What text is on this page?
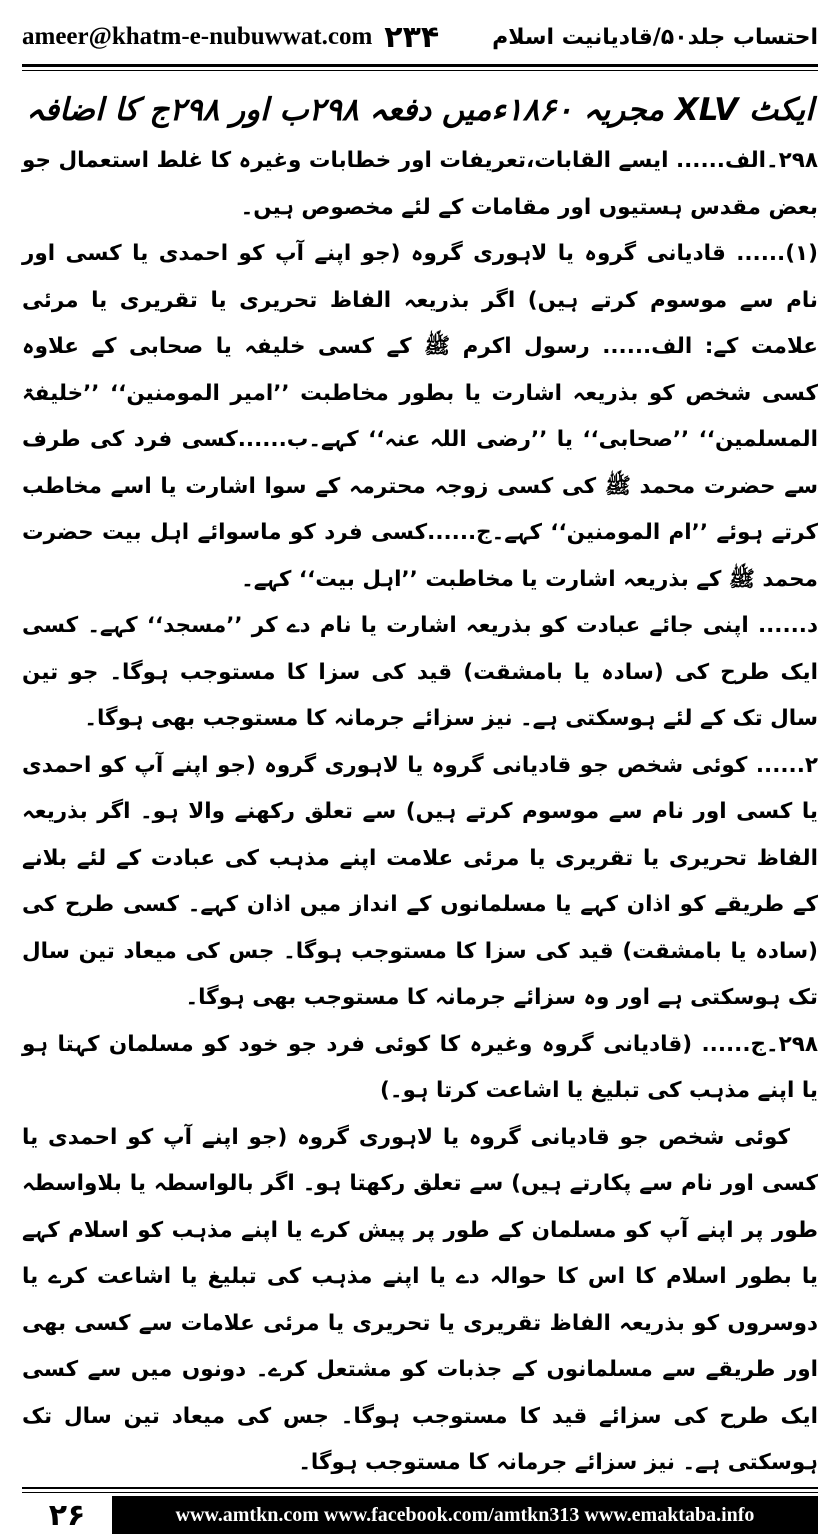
ameer@khatm-e-nubuwwat.com ۲۳۴ احتساب جلد۵۰/قادیانیت اسلام
ایکٹ XLV مجریہ ۱۸۶۰ءمیں دفعہ ۲۹۸ب اور ۲۹۸ج کا اضافہ

۲۹۸۔الف...... ایسے القابات،تعریفات اور خطابات وغیرہ کا غلط استعمال جو بعض مقدس ہستیوں اور مقامات کے لئے مخصوص ہیں۔

(۱)...... قادیانی گروہ یا لاہوری گروہ (جو اپنے آپ کو احمدی یا کسی اور نام سے موسوم کرتے ہیں) اگر بذریعہ الفاظ تحریری یا تقریری یا مرئی علامت کے: الف...... رسول اکرم ﷺ کے کسی خلیفہ یا صحابی کے علاوہ کسی شخص کو بذریعہ اشارت یا بطور مخاطبت ’’امیر المومنین‘‘ ’’خلیفۃ المسلمین‘‘ ’’صحابی‘‘ یا ’’رضی اللہ عنہ‘‘ کہے۔ب......کسی فرد کی طرف سے حضرت محمد ﷺ کی کسی زوجہ محترمہ کے سوا اشارت یا اسے مخاطب کرتے ہوئے ’’ام المومنین‘‘ کہے۔ج......کسی فرد کو ماسوائے اہل بیت حضرت محمد ﷺ کے بذریعہ اشارت یا مخاطبت ’’اہل بیت‘‘ کہے۔

د...... اپنی جائے عبادت کو بذریعہ اشارت یا نام دے کر ’’مسجد‘‘ کہے۔ کسی ایک طرح کی (سادہ یا بامشقت) قید کی سزا کا مستوجب ہوگا۔ جو تین سال تک کے لئے ہوسکتی ہے۔ نیز سزائے جرمانہ کا مستوجب بھی ہوگا۔

۲...... کوئی شخص جو قادیانی گروہ یا لاہوری گروہ (جو اپنے آپ کو احمدی یا کسی اور نام سے موسوم کرتے ہیں) سے تعلق رکھنے والا ہو۔ اگر بذریعہ الفاظ تحریری یا تقریری یا مرئی علامت اپنے مذہب کی عبادت کے لئے بلانے کے طریقے کو اذان کہے یا مسلمانوں کے انداز میں اذان کہے۔ کسی طرح کی (سادہ یا بامشقت) قید کی سزا کا مستوجب ہوگا۔ جس کی میعاد تین سال تک ہوسکتی ہے اور وہ سزائے جرمانہ کا مستوجب بھی ہوگا۔

۲۹۸۔ج...... (قادیانی گروہ وغیرہ کا کوئی فرد جو خود کو مسلمان کہتا ہو یا اپنے مذہب کی تبلیغ یا اشاعت کرتا ہو۔)

کوئی شخص جو قادیانی گروہ یا لاہوری گروہ (جو اپنے آپ کو احمدی یا کسی اور نام سے پکارتے ہیں) سے تعلق رکھتا ہو۔ اگر بالواسطہ یا بلاواسطہ طور پر اپنے آپ کو مسلمان کے طور پر پیش کرے یا اپنے مذہب کو اسلام کہے یا بطور اسلام کا اس کا حوالہ دے یا اپنے مذہب کی تبلیغ یا اشاعت کرے یا دوسروں کو بذریعہ الفاظ تقریری یا تحریری یا مرئی علامات سے کسی بھی اور طریقے سے مسلمانوں کے جذبات کو مشتعل کرے۔ دونوں میں سے کسی ایک طرح کی سزائے قید کا مستوجب ہوگا۔ جس کی میعاد تین سال تک ہوسکتی ہے۔ نیز سزائے جرمانہ کا مستوجب ہوگا۔

۲۶	www.amtkn.com www.facebook.com/amtkn313 www.emaktaba.info
